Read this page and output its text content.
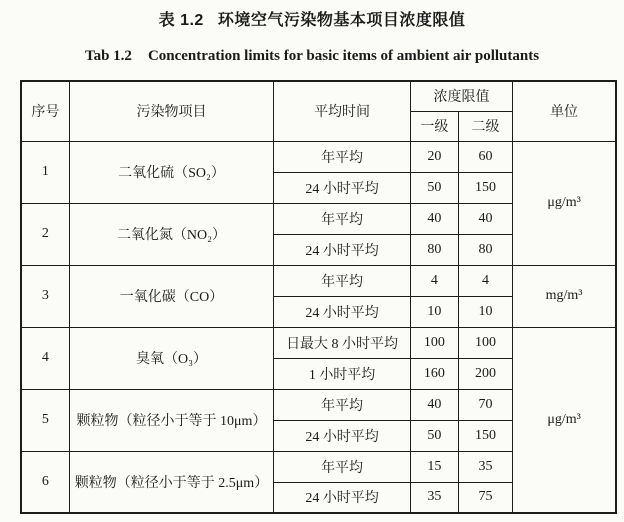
表 1.2 环境空气污染物基本项目浓度限值
Tab 1.2 Concentration limits for basic items of ambient air pollutants
序号	污染物项目	平均时间	浓度限值		单位
			一级	二级	
1	二氧化硫（SO₂）	年平均	20	60	μg/m³
		24 小时平均	50	150	
2	二氧化氮（NO₂）	年平均	40	40	
		24 小时平均	80	80	
3	一氧化碳（CO）	年平均	4	4	mg/m³
		24 小时平均	10	10	
4	臭氧（O₃）	日最大 8 小时平均	100	100	μg/m³
		1 小时平均	160	200	
5	颗粒物（粒径小于等于 10μm）	年平均	40	70	
		24 小时平均	50	150	
6	颗粒物（粒径小于等于 2.5μm）	年平均	15	35	
		24 小时平均	35	75	
